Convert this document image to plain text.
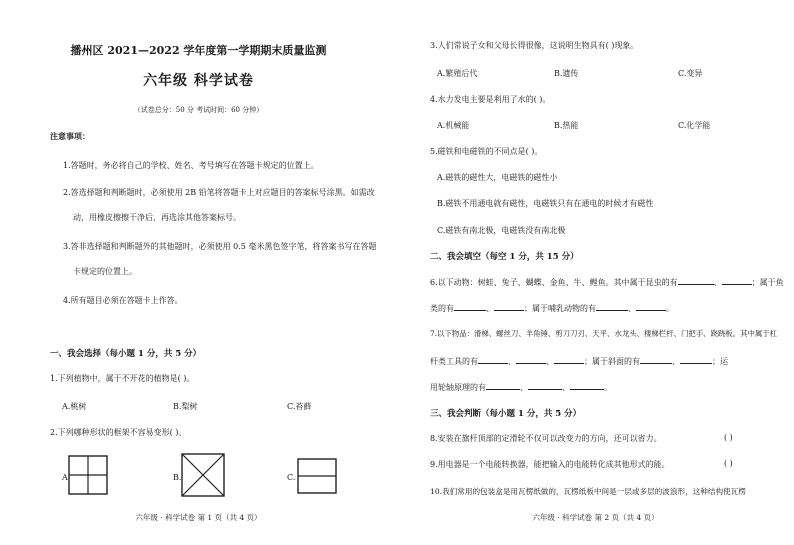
播州区 2021—2022 学年度第一学期期末质量监测
六年级 科学试卷
（试卷总分：50 分 考试时间：60 分钟）
注意事项：
1.答题时，务必将自己的学校、姓名、考号填写在答题卡规定的位置上。
2.答选择题和判断题时，必须使用 2B 铅笔将答题卡上对应题目的答案标号涂黑。如需改
动，用橡皮擦擦干净后，再选涂其他答案标号。
3.答非选择题和判断题外的其他题时，必须使用 0.5 毫米黑色签字笔，将答案书写在答题
卡规定的位置上。
4.所有题目必须在答题卡上作答。
一、我会选择（每小题 1 分，共 5 分）
1.下列植物中，属于不开花的植物是( )。
A.桃树	B.梨树	C.苔藓
2.下列哪种形状的框架不容易变形( )。
A.	B.	C.
六年级 · 科学试卷 第 1 页（共 4 页）
3.人们常说子女和父母长得很像，这说明生物具有( )现象。
A.繁殖后代	B.遗传	C.变异
4.水力发电主要是利用了水的( )。
A.机械能	B.热能	C.化学能
5.磁铁和电磁铁的不同点是( )。
A.磁铁的磁性大，电磁铁的磁性小
B.磁铁不用通电就有磁性，电磁铁只有在通电的时候才有磁性
C.磁铁有南北极，电磁铁没有南北极
二、我会填空（每空 1 分，共 15 分）
6.以下动物：树蛙、兔子、蝴蝶、金鱼、牛、鲤鱼。其中属于昆虫的有	、	；属于鱼
类的有	、	；属于哺乳动物的有	、	。
7.以下物品：滑梯、螺丝刀、羊角锤、剪刀刀刃、天平、水龙头、楼梯栏杆、门把手、跷跷板。其中属于杠
杆类工具的有	、	、	；属于斜面的有	、	；运
用轮轴原理的有	、	、	。
三、我会判断（每小题 1 分，共 5 分）
8.安装在旗杆顶部的定滑轮不仅可以改变力的方向，还可以省力。	( )
9.用电器是一个电能转换器，能把输入的电能转化成其他形式的能。	( )
10.我们常用的包装盒是用瓦楞纸做的，瓦楞纸板中间是一层或多层的波浪形，这种结构使瓦楞
六年级 · 科学试卷 第 2 页（共 4 页）
